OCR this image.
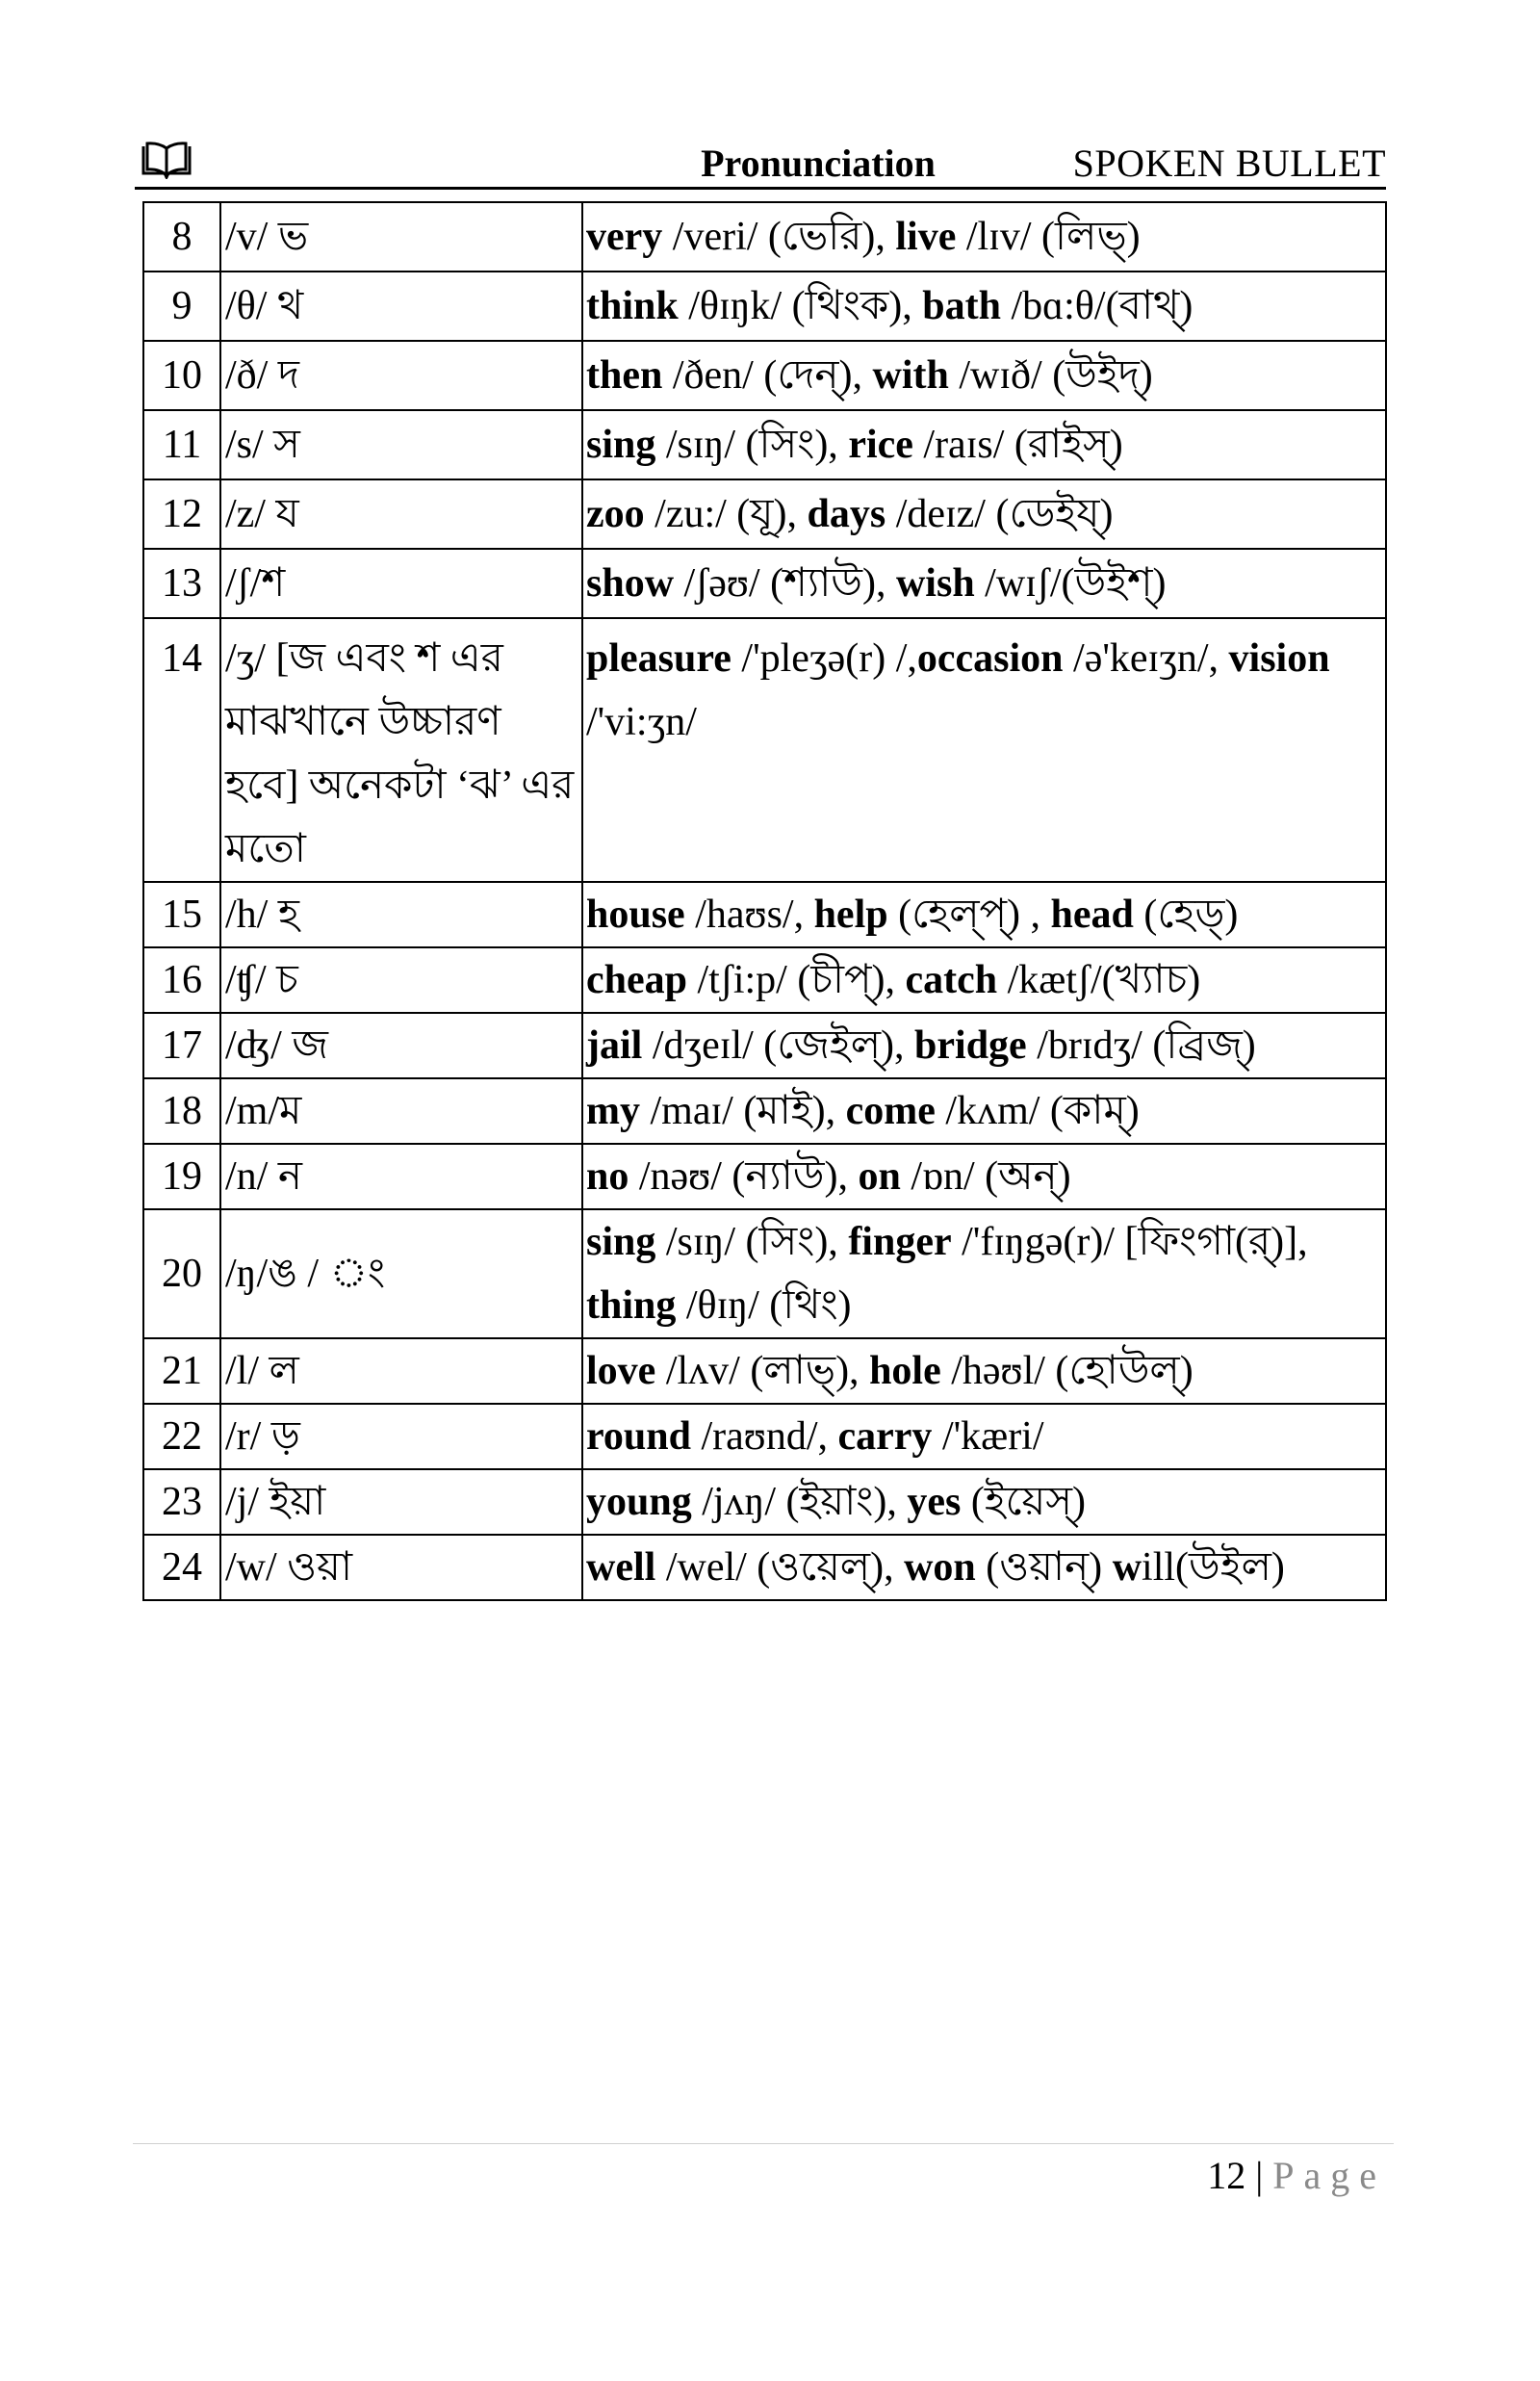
Pronunciation	SPOKEN BULLET
8	/v/ ভ	very /veri/ (ভেরি), live /lɪv/ (লিভ্)
9	/θ/ থ	think /θɪŋk/ (থিংক), bath /bɑ:θ/(বাথ্)
10	/ð/ দ	then /ðen/ (দেন্), with /wɪð/ (উইদ্)
11	/s/ স	sing /sɪŋ/ (সিং), rice /raɪs/ (রাইস্)
12	/z/ য	zoo /zu:/ (যূ), days /deɪz/ (ডেইয্)
13	/ʃ/শ	show /ʃəʊ/ (শ্যাউ), wish /wɪʃ/(উইশ্)
14	/ʒ/ [জ এবং শ এর মাঝখানে উচ্চারণ হবে] অনেকটা ‘ঝ’ এর মতো	pleasure /'pleʒə(r) /,occasion /ə'keɪʒn/, vision /'vi:ʒn/
15	/h/ হ	house /haʊs/, help (হেল্প্) , head (হেড্)
16	/ʧ/ চ	cheap /tʃi:p/ (চীপ্), catch /kætʃ/(খ্যাচ)
17	/ʤ/ জ	jail /dʒeɪl/ (জেইল্), bridge /brɪdʒ/ (ব্রিজ্)
18	/m/ম	my /maɪ/ (মাই), come /kʌm/ (কাম্)
19	/n/ ন	no /nəʊ/ (ন্যাউ), on /ɒn/ (অন্)
20	/ŋ/ঙ / ং	sing /sɪŋ/ (সিং), finger /'fɪŋgə(r)/ [ফিংগা(র্)], thing /θɪŋ/ (থিং)
21	/l/ ল	love /lʌv/ (লাভ্), hole /həʊl/ (হোউল্)
22	/r/ ড়	round /raʊnd/, carry /'kæri/
23	/j/ ইয়া	young /jʌŋ/ (ইয়াং), yes (ইয়েস্)
24	/w/ ওয়া	well /wel/ (ওয়েল্), won (ওয়ান্) will(উইল)
12 | Page
